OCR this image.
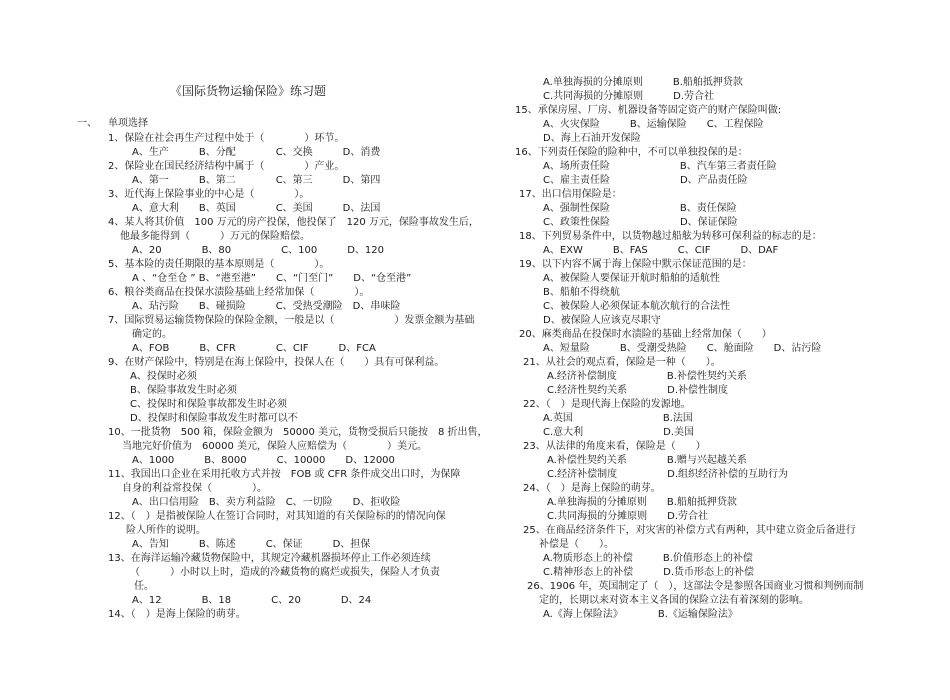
《国际货物运输保险》练习题
一、 单项选择
1、保险在社会再生产过程中处于（　　　　）环节。
A、生产　　　B、分配　　　　C、交换　　　D、消费
2、保险业在国民经济结构中属于（　　　　）产业。
A、第一　　　B、第二　　　　C、第三　　　D、第四
3、近代海上保险事业的中心是（　　　　）。
A、意大利　　B、英国　　　　C、美国　　　D、法国
4、某人将其价值　100 万元的房产投保，他投保了　120 万元，保险事故发生后，
他最多能得到（　　　）万元的保险赔偿。
A、20　　　　B、80　　　　　C、100　　　D、120
5、基本险的责任期限的基本原则是（　　　　）。
A 、“仓至仓 ” B、“港至港”　　C、“门至门”　　D、“仓至港”
6、粮谷类商品在投保水渍险基础上经常加保（　　　　）。
A、玷污险　　B、碰损险　　　C、受热受潮险　D、串味险
7、国际贸易运输货物保险的保险金额，一般是以（　　　　　　）发票金额为基础
确定的。
A、FOB　　　B、CFR　　　　C、CIF　　　D、FCA
9、在财产保险中，特别是在海上保险中，投保人在（　　）具有可保利益。
A、投保时必须
B、保险事故发生时必须
C、投保时和保险事故都发生时必须
D、投保时和保险事故发生时都可以不
10、一批货物　500 箱，保险金额为　50000 美元，货物受损后只能按　8 折出售，
当地完好价值为　60000 美元，保险人应赔偿为（　　　　）美元。
A、1000　　　B、8000　　　C、10000　　D、12000
11、我国出口企业在采用托收方式并按　FOB 或 CFR 条件成交出口时，为保障
自身的利益常投保（　　　　）。
A、出口信用险　B、卖方利益险　C、一切险　　D、拒收险
12、（　）是指被保险人在签订合同时，对其知道的有关保险标的的情况向保
险人所作的说明。
A、告知　　　B、陈述　　　C、保证　　　D、担保
13、在海洋运输冷藏货物保险中，其规定冷藏机器损坏停止工作必须连续
（　　　）小时以上时，造成的冷藏货物的腐烂或损失，保险人才负责
任。
A、12　　　　B、18　　　　C、20　　　　D、24
14、（　）是海上保险的萌芽。
A.单独海损的分摊原则　　　B.船舶抵押贷款
C.共同海损的分摊原则　　　D.劳合社
15、承保房屋、厂房、机器设备等固定资产的财产保险叫做:
A、火灾保险　　　B、运输保险　　C、工程保险
D、海上石油开发保险
16、下列责任保险的险种中，不可以单独投保的是：
A、场所责任险　　　　　　　B、汽车第三者责任险
C、雇主责任险　　　　　　　D、产品责任险
17、出口信用保险是：
A、强制性保险　　　　　　　B、责任保险
C、政策性保险　　　　　　　D、保证保险
18、下列贸易条件中，以货物越过船舷为转移可保利益的标志的是：
A、EXW　　　B、FAS　　　C、CIF　　　D、DAF
19、以下内容不属于海上保险中默示保证范围的是：
A、被保险人要保证开航时船舶的适航性
B、船舶不得绕航
C、被保险人必须保证本航次航行的合法性
D、被保险人应该克尽职守
20、麻类商品在投保时水渍险的基础上经常加保（　　）
A、短量险　　　B、受潮受热险　　C、舱面险　　D、沾污险
21、从社会的观点看，保险是一种（　　）。
A.经济补偿制度　　　　　B.补偿性契约关系
C.经济性契约关系　　　　D.补偿性制度
22、（　）是现代海上保险的发源地。
A.英国　　　　　　　　　B.法国
C.意大利　　　　　　　　D.美国
23、从法律的角度来看，保险是（　　）
A.补偿性契约关系　　　　B.赠与兴起越关系
C.经济补偿制度　　　　　D.组织经济补偿的互助行为
24、（　）是海上保险的萌芽。
A.单独海损的分摊原则　　B.船舶抵押贷款
C.共同海损的分摊原则　　D.劳合社
25、在商品经济条件下，对灾害的补偿方式有两种，其中建立资金后备进行
补偿是（　　）。
A.物质形态上的补偿　　　B.价值形态上的补偿
C.精神形态上的补偿　　　D.货币形态上的补偿
26、1906 年，英国制定了（　），这部法令是参照各国商业习惯和判例而制
定的，长期以来对资本主义各国的保险立法有着深刻的影响。
A.《海上保险法》　　　　B.《运输保险法》
